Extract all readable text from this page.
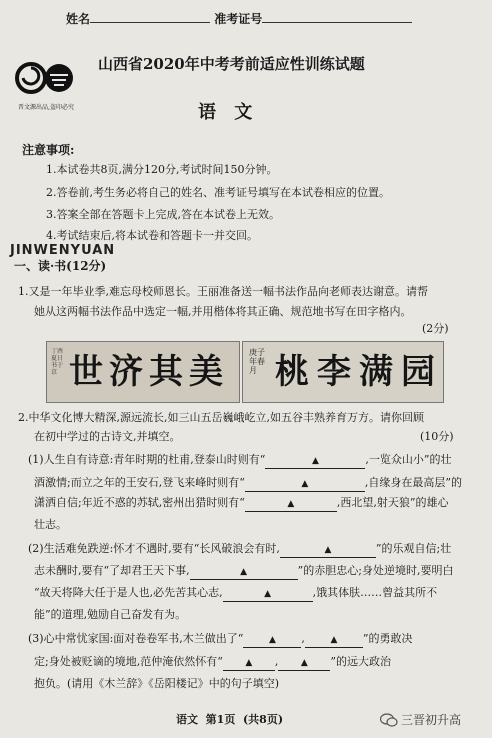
姓名	准考证号
晋文源出品,盗印必究
山西省2020年中考考前适应性训练试题
语 文
注意事项:
1.本试卷共8页,满分120分,考试时间150分钟。
2.答卷前,考生务必将自己的姓名、准考证号填写在本试卷相应的位置。
3.答案全部在答题卡上完成,答在本试卷上无效。
4.考试结束后,将本试卷和答题卡一并交回。
JINWENYUAN
一、读·书(12分)
1.又是一年毕业季,难忘母校师恩长。王丽准备送一幅书法作品向老师表达谢意。请帮
她从这两幅书法作品中选定一幅,并用楷体将其正确、规范地书写在田字格内。
(2分)
丁酉夏日书于京 世济其美	庚子年春月 桃李满园
2.中华文化博大精深,源远流长,如三山五岳巍峨屹立,如五谷丰熟养育万方。请你回顾
在初中学过的古诗文,并填空。	(10分)
(1)人生自有诗意:青年时期的杜甫,登泰山时则有“	▲	,一览众山小”的壮
酒激情;而立之年的王安石,登飞来峰时则有“	▲	,自缘身在最高层”的
潇洒自信;年近不惑的苏轼,密州出猎时则有“	▲	,西北望,射天狼”的雄心
壮志。
(2)生活难免跌逆:怀才不遇时,要有“长风破浪会有时,	▲	”的乐观自信;壮
志未酬时,要有“了却君王天下事,	▲	”的赤胆忠心;身处逆境时,要明白
“故天将降大任于是人也,必先苦其心志,	▲	,饿其体肤……曾益其所不
能”的道理,勉励自己奋发有为。
(3)心中常忧家国:面对卷卷军书,木兰做出了“	▲ ,	▲ ”的勇敢决
定;身处被贬谪的境地,范仲淹依然怀有“	▲ ,	▲ ”的远大政治
抱负。(请用《木兰辞》《岳阳楼记》中的句子填空)
语文  第1页  (共8页)	三晋初升高
